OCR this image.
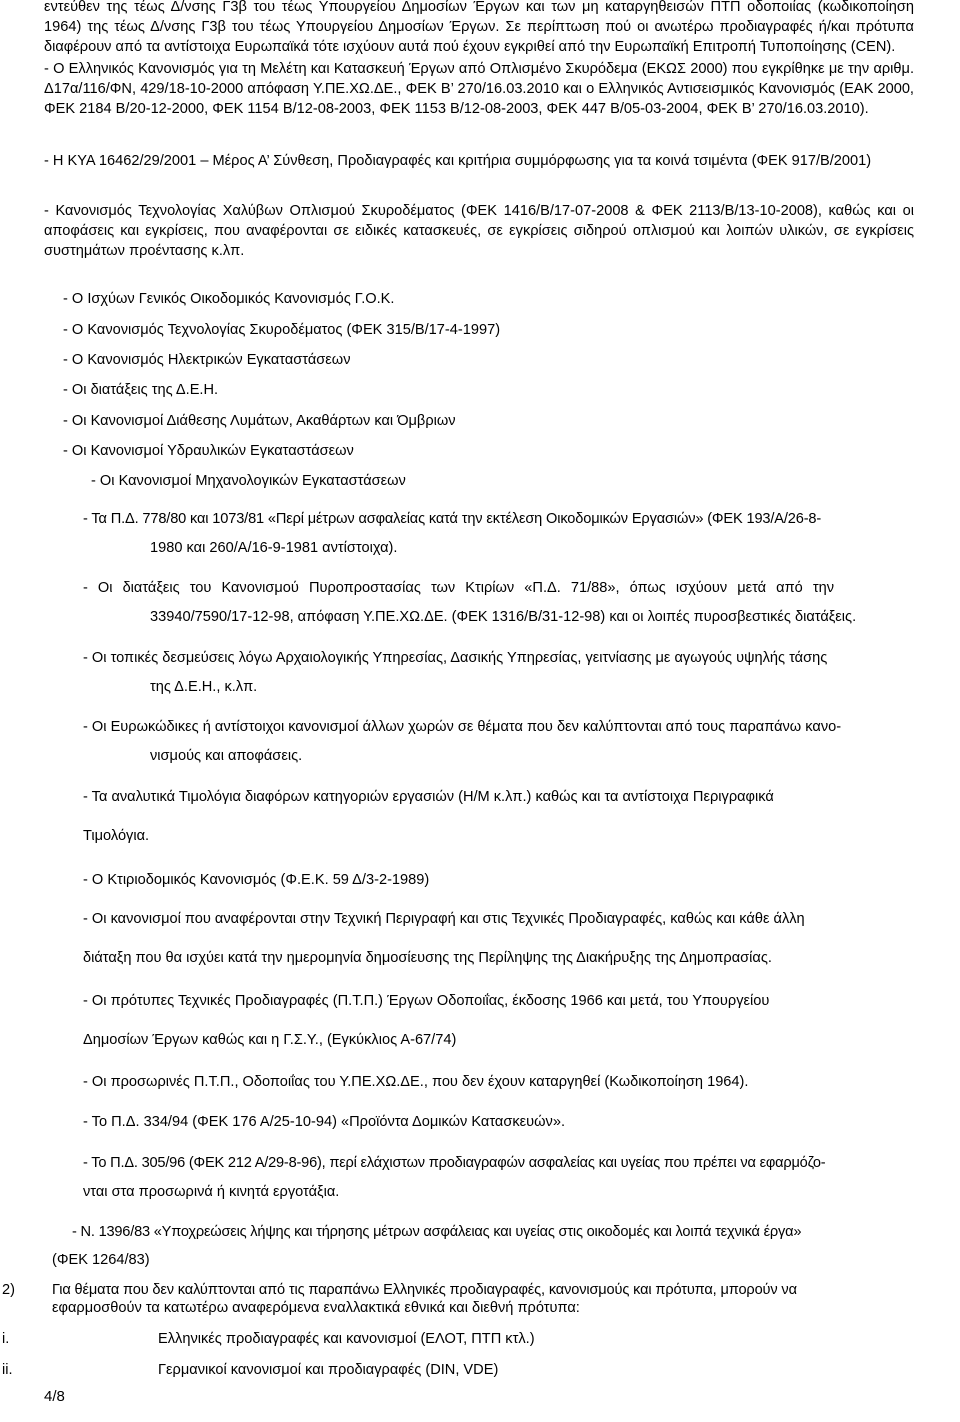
εντεύθεν της τέως Δ/νσης Γ3β του τέως Υπουργείου Δημοσίων Έργων και των μη καταργηθεισών ΠΤΠ οδοποιίας (κωδικοποίηση 1964) της τέως Δ/νσης Γ3β του τέως Υπουργείου Δημοσίων Έργων. Σε περίπτωση πού οι ανωτέρω προδιαγραφές ή/και πρότυπα διαφέρουν από τα αντίστοιχα Ευρωπαϊκά τότε ισχύουν αυτά πού έχουν εγκριθεί από την Ευρωπαϊκή Επιτροπή Τυποποίησης (CEN).
- Ο Ελληνικός Κανονισμός για τη Μελέτη και Κατασκευή Έργων από Οπλισμένο Σκυρόδεμα (ΕΚΩΣ 2000) που εγκρίθηκε με την αριθμ. Δ17α/116/ΦΝ, 429/18-10-2000 απόφαση Υ.ΠΕ.ΧΩ.ΔΕ., ΦΕΚ Β’ 270/16.03.2010 και ο Ελληνικός Αντισεισμικός Κανονισμός (ΕΑΚ 2000, ΦΕΚ 2184 Β/20-12-2000, ΦΕΚ 1154 Β/12-08-2003, ΦΕΚ 1153 Β/12-08-2003, ΦΕΚ 447 Β/05-03-2004, ΦΕΚ Β’ 270/16.03.2010).
- Η ΚΥΑ 16462/29/2001 – Μέρος Α’ Σύνθεση, Προδιαγραφές και κριτήρια συμμόρφωσης για τα κοινά τσιμέντα (ΦΕΚ 917/Β/2001)
- Κανονισμός Τεχνολογίας Χαλύβων Οπλισμού Σκυροδέματος (ΦΕΚ 1416/Β/17-07-2008 & ΦΕΚ 2113/Β/13-10-2008), καθώς και οι αποφάσεις και εγκρίσεις, που αναφέρονται σε ειδικές κατασκευές, σε εγκρίσεις σιδηρού οπλισμού και λοιπών υλικών, σε εγκρίσεις συστημάτων προέντασης κ.λπ.
- Ο Ισχύων Γενικός Οικοδομικός Κανονισμός Γ.Ο.Κ.
- Ο Κανονισμός Τεχνολογίας Σκυροδέματος (ΦΕΚ 315/Β/17-4-1997)
- Ο Κανονισμός Ηλεκτρικών Εγκαταστάσεων
- Οι διατάξεις της Δ.Ε.Η.
- Οι Κανονισμοί Διάθεσης Λυμάτων, Ακαθάρτων και Όμβριων
- Οι Κανονισμοί Υδραυλικών Εγκαταστάσεων
- Οι Κανονισμοί Μηχανολογικών Εγκαταστάσεων
- Τα Π.Δ. 778/80 και 1073/81 «Περί μέτρων ασφαλείας κατά την εκτέλεση Οικοδομικών Εργασιών» (ΦΕΚ 193/Α/26-8-
1980 και 260/Α/16-9-1981 αντίστοιχα).
- Οι διατάξεις του Κανονισμού Πυροπροστασίας των Κτιρίων «Π.Δ. 71/88», όπως ισχύουν μετά από την
33940/7590/17-12-98, απόφαση Υ.ΠΕ.ΧΩ.ΔΕ. (ΦΕΚ 1316/Β/31-12-98) και οι λοιπές πυροσβεστικές διατάξεις.
- Οι τοπικές δεσμεύσεις λόγω Αρχαιολογικής Υπηρεσίας, Δασικής Υπηρεσίας, γειτνίασης με αγωγούς υψηλής τάσης
της Δ.Ε.Η., κ.λπ.
- Οι Ευρωκώδικες ή αντίστοιχοι κανονισμοί άλλων χωρών σε θέματα που δεν καλύπτονται από τους παραπάνω κανο-
νισμούς και αποφάσεις.
- Τα αναλυτικά Τιμολόγια διαφόρων κατηγοριών εργασιών (Η/Μ κ.λπ.) καθώς και τα αντίστοιχα Περιγραφικά
Τιμολόγια.
- Ο Κτιριοδομικός Κανονισμός (Φ.Ε.Κ. 59 Δ/3-2-1989)
- Οι κανονισμοί που αναφέρονται στην Τεχνική Περιγραφή και στις Τεχνικές Προδιαγραφές, καθώς και κάθε άλλη
διάταξη που θα ισχύει κατά την ημερομηνία δημοσίευσης της Περίληψης της Διακήρυξης της Δημοπρασίας.
- Οι πρότυπες Τεχνικές Προδιαγραφές (Π.Τ.Π.) Έργων Οδοποιΐας, έκδοσης 1966 και μετά, του Υπουργείου
Δημοσίων Έργων καθώς και η Γ.Σ.Υ., (Εγκύκλιος Α-67/74)
- Οι προσωρινές Π.Τ.Π., Οδοποιΐας του Υ.ΠΕ.ΧΩ.ΔΕ., που δεν έχουν καταργηθεί (Κωδικοποίηση 1964).
- Το Π.Δ. 334/94 (ΦΕΚ 176 Α/25-10-94) «Προϊόντα Δομικών Κατασκευών».
- Το Π.Δ. 305/96 (ΦΕΚ 212 Α/29-8-96), περί ελάχιστων προδιαγραφών ασφαλείας και υγείας που πρέπει να εφαρμόζο-
νται στα προσωρινά ή κινητά εργοτάξια.
- Ν. 1396/83 «Υποχρεώσεις λήψης και τήρησης μέτρων ασφάλειας και υγείας στις οικοδομές και λοιπά τεχνικά έργα»
(ΦΕΚ 1264/83)
2)	Για θέματα που δεν καλύπτονται από τις παραπάνω Ελληνικές προδιαγραφές, κανονισμούς και πρότυπα, μπορούν να
εφαρμοσθούν τα κατωτέρω αναφερόμενα εναλλακτικά εθνικά και διεθνή πρότυπα:
i.	Ελληνικές προδιαγραφές και κανονισμοί (ΕΛΟΤ, ΠΤΠ κτλ.)
ii.	Γερμανικοί κανονισμοί και προδιαγραφές (DIN, VDE)
4/8
